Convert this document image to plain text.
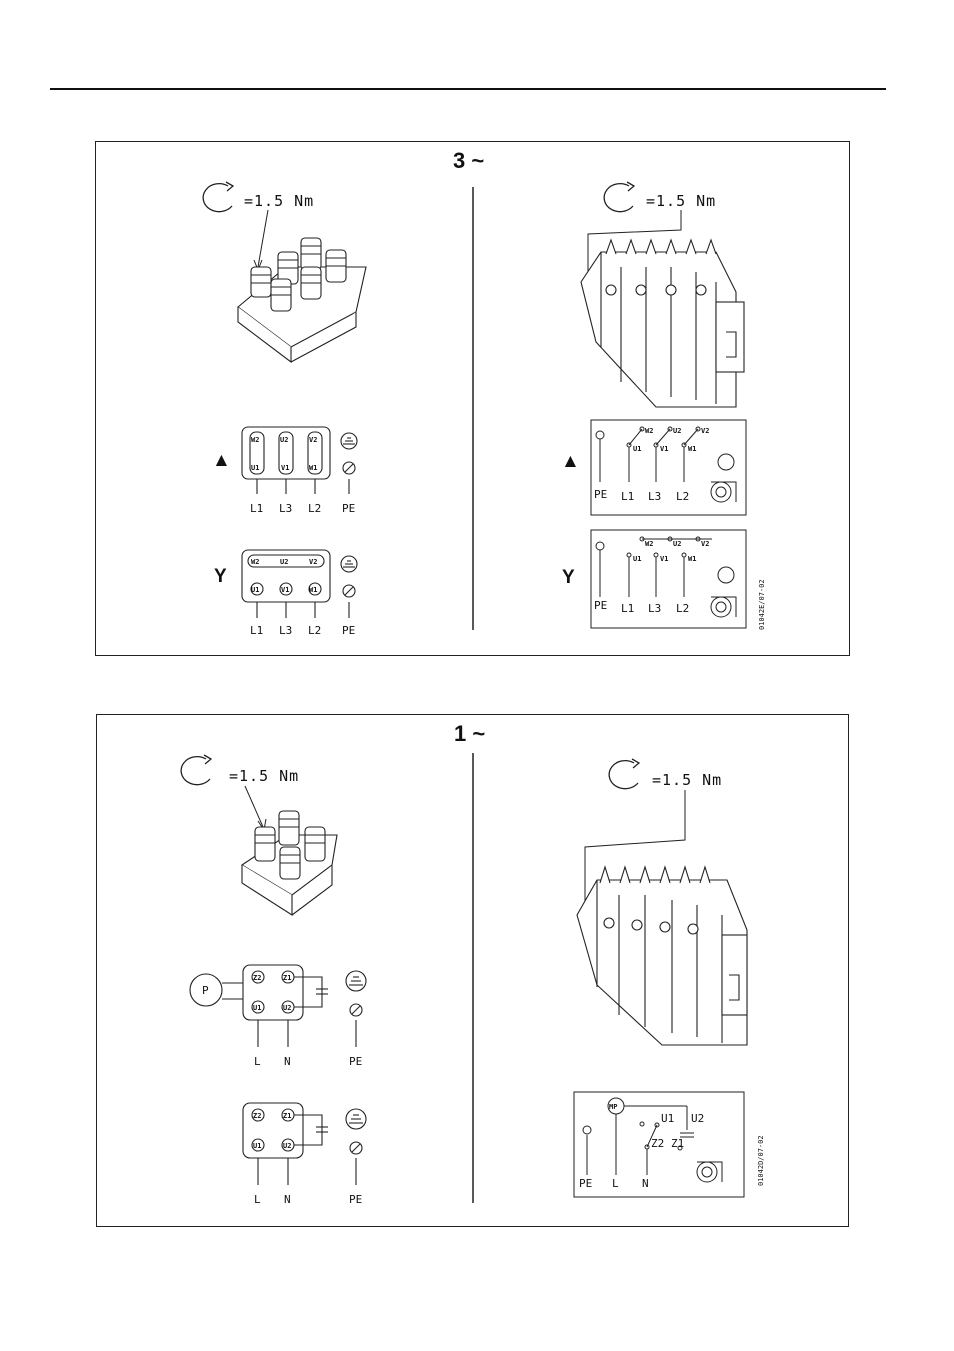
3 ~
=1.5 Nm
▲
W2	U2	V2
U1	V1	W1
L1 L3 L2 PE
Y
W2	U2	V2
U1	V1	W1
L1 L3 L2 PE
=1.5 Nm
▲
W2	U2	V2
U1	V1	W1
PE L1 L3 L2
Y
W2	U2	V2
U1	V1	W1
PE L1 L3 L2	01042E/07-02
1 ~
=1.5 Nm
P
Z2	Z1
U1	U2
L N	PE
Z2	Z1
U1	U2
L N	PE
=1.5 Nm
MP
U1 U2
Z2 Z1
PE L N	01042D/07-02
